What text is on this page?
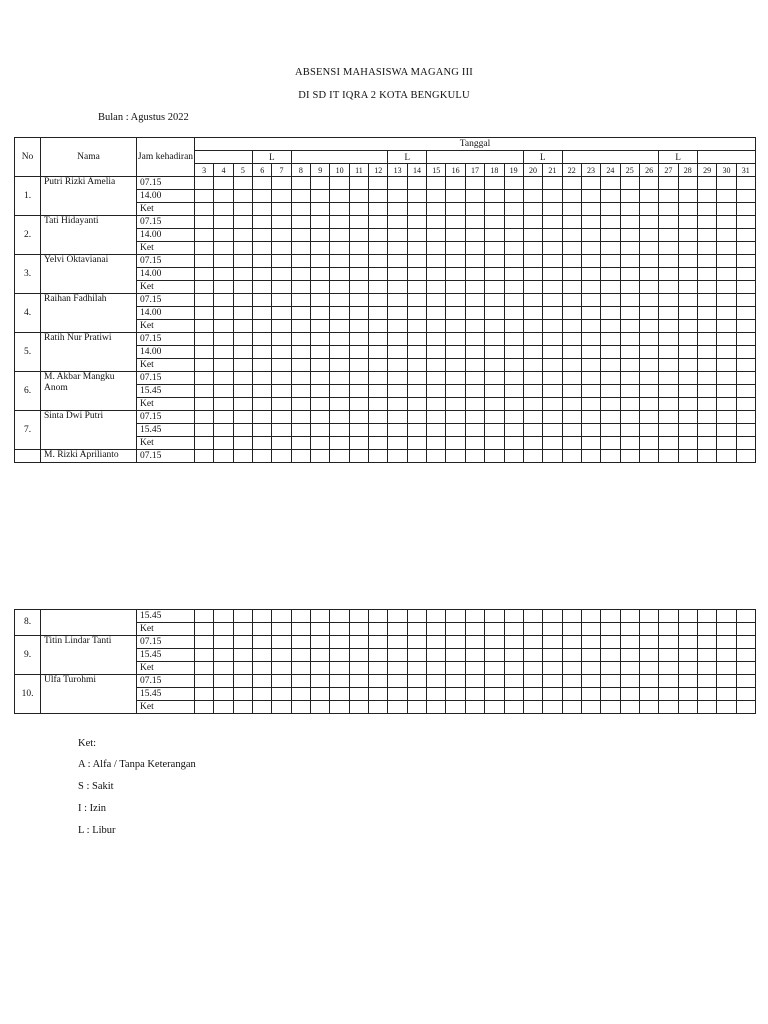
ABSENSI MAHASISWA MAGANG III
DI SD IT IQRA 2 KOTA BENGKULU
Bulan : Agustus 2022
No	Nama	Jam kehadiran	Tanggal																												
						L							L							L							L				
			3	4	5	6	7	8	9	10	11	12	13	14	15	16	17	18	19	20	21	22	23	24	25	26	27	28	29	30	31
1.	Putri Rizki Amelia	07.15																													
		14.00																													
		Ket																													
2.	Tati Hidayanti	07.15																													
		14.00																													
		Ket																													
3.	Yelvi Oktavianai	07.15																													
		14.00																													
		Ket																													
4.	Raihan Fadhilah	07.15																													
		14.00																													
		Ket																													
5.	Ratih Nur Pratiwi	07.15																													
		14.00																													
		Ket																													
6.	M. Akbar Mangku Anom	07.15																													
		15.45																													
		Ket																													
7.	Sinta Dwi Putri	07.15																													
		15.45																													
		Ket																													
	M. Rizki Aprilianto	07.15																													
8.		15.45																													
		Ket																													
9.	Titin Lindar Tanti	07.15																													
		15.45																													
		Ket																													
10.	Ulfa Turohmi	07.15																													
		15.45																													
		Ket																													
Ket:
A : Alfa / Tanpa Keterangan
S : Sakit
I : Izin
L : Libur
